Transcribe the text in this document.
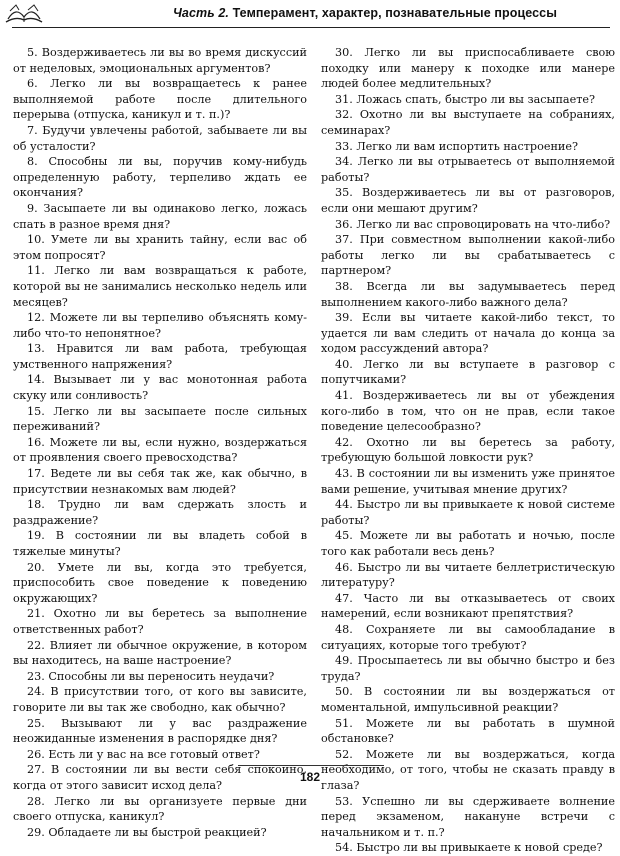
Часть 2. Темперамент, характер, познавательные процессы

5. Воздерживаетесь ли вы во время дискуссий от неделовых, эмоциональных аргументов?

6. Легко ли вы возвращаетесь к ранее выполняемой работе после длительного перерыва (отпуска, каникул и т. п.)?

7. Будучи увлечены работой, забываете ли вы об усталости?

8. Способны ли вы, поручив кому-нибудь определенную работу, терпеливо ждать ее окончания?

9. Засыпаете ли вы одинаково легко, ложась спать в разное время дня?

10. Умете ли вы хранить тайну, если вас об этом попросят?

11. Легко ли вам возвращаться к работе, которой вы не занимались несколько недель или месяцев?

12. Можете ли вы терпеливо объяснять кому-либо что-то непонятное?

13. Нравится ли вам работа, требующая умственного напряжения?

14. Вызывает ли у вас монотонная работа скуку или сонливость?

15. Легко ли вы засыпаете после сильных переживаний?

16. Можете ли вы, если нужно, воздержаться от проявления своего превосходства?

17. Ведете ли вы себя так же, как обычно, в присутствии незнакомых вам людей?

18. Трудно ли вам сдержать злость и раздражение?

19. В состоянии ли вы владеть собой в тяжелые минуты?

20. Умете ли вы, когда это требуется, приспособить свое поведение к поведению окружающих?

21. Охотно ли вы беретесь за выполнение ответственных работ?

22. Влияет ли обычное окружение, в котором вы находитесь, на ваше настроение?

23. Способны ли вы переносить неудачи?

24. В присутствии того, от кого вы зависите, говорите ли вы так же свободно, как обычно?

25. Вызывают ли у вас раздражение неожиданные изменения в распорядке дня?

26. Есть ли у вас на все готовый ответ?

27. В состоянии ли вы вести себя спокойно, когда от этого зависит исход дела?

28. Легко ли вы организуете первые дни своего отпуска, каникул?

29. Обладаете ли вы быстрой реакцией?

30. Легко ли вы приспосабливаете свою походку или манеру к походке или манере людей более медлительных?

31. Ложась спать, быстро ли вы засыпаете?

32. Охотно ли вы выступаете на собраниях, семинарах?

33. Легко ли вам испортить настроение?

34. Легко ли вы отрываетесь от выполняемой работы?

35. Воздерживаетесь ли вы от разговоров, если они мешают другим?

36. Легко ли вас спровоцировать на что-либо?

37. При совместном выполнении какой-либо работы легко ли вы срабатываетесь с партнером?

38. Всегда ли вы задумываетесь перед выполнением какого-либо важного дела?

39. Если вы читаете какой-либо текст, то удается ли вам следить от начала до конца за ходом рассуждений автора?

40. Легко ли вы вступаете в разговор с попутчиками?

41. Воздерживаетесь ли вы от убеждения кого-либо в том, что он не прав, если такое поведение целесообразно?

42. Охотно ли вы беретесь за работу, требующую большой ловкости рук?

43. В состоянии ли вы изменить уже принятое вами решение, учитывая мнение других?

44. Быстро ли вы привыкаете к новой системе работы?

45. Можете ли вы работать и ночью, после того как работали весь день?

46. Быстро ли вы читаете беллетристическую литературу?

47. Часто ли вы отказываетесь от своих намерений, если возникают препятствия?

48. Сохраняете ли вы самообладание в ситуациях, которые того требуют?

49. Просыпаетесь ли вы обычно быстро и без труда?

50. В состоянии ли вы воздержаться от моментальной, импульсивной реакции?

51. Можете ли вы работать в шумной обстановке?

52. Можете ли вы воздержаться, когда необходимо, от того, чтобы не сказать правду в глаза?

53. Успешно ли вы сдерживаете волнение перед экзаменом, накануне встречи с начальником и т. п.?

54. Быстро ли вы привыкаете к новой среде?

182
